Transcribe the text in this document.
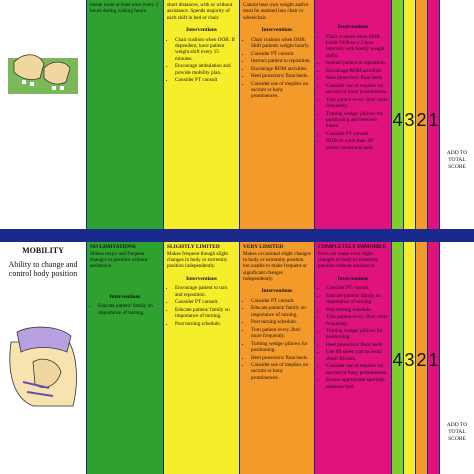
inside room at least once every 2 hours during waking hours.
short distances, with or without assistance. Spends majority of each shift in bed or chair.
Interventions
• Chair cushion when OOB. If dependent, have patient weight shift every 15 minutes.
• Encourage ambulation and provide mobility plan.
• Consider PT consult
Cannot bear own weight and/or must be assisted into chair or wheelchair.
Interventions
• Chair cushion when OOB. Shift patients weight hourly.
• Consider PT consult.
• Instruct patient to reposition.
• Encourage ROM activities.
• Heel protectors/ float heels.
• Consider use of mepilex on sacrum or bony prominences.
Interventions
• Chair cushion when OOB. Limit OOB to ≤ 2 hour intervals with hourly weight shifts.
• Instruct patient to reposition.
• Encourage ROM activities.
• Heel protectors/ float heels.
• Consider use of mepilex on sacrum or bony prominences.
• Turn patient every 2hrs/ more frequently.
• Turning wedge/ pillows for positioning and between knees.
• Consider PT consult.
• HOB no more than 30° unless contraindicated.
4 3 2 1
ADD TO TOTAL SCORE
MOBILITY
Ability to change and control body position
NO LIMITATIONS
Makes major and frequent changes in position without assistance.
Interventions
• Educate patient/ family on importance of turning.
SLIGHTLY LIMITED
Makes frequent though slight changes in body or extremity position independently.
Interventions
• Encourage patient to turn and reposition.
• Consider PT consult.
• Educate patient/ family on importance of turning.
• Post turning schedule.
VERY LIMITED
Makes occasional slight changes in body or extremity position but unable to make frequent or significant changes independently.
Interventions
• Consider PT consult.
• Educate patient/ family on importance of turning.
• Post turning schedule.
• Turn patient every 2hrs/ more frequently.
• Turning wedge/ pillows for positioning.
• Heel protectors/ float heels.
• Consider use of mepilex on sacrum or bony prominences.
COMPLETELY IMMOBILE
Does not make even slight changes in body or extremity position without assistance.
Interventions
• Consider PT consult.
• Educate patient/ family on importance of turning.
• Post turning schedule.
• Turn patient every 2hrs/ more frequently.
• Turning wedge/ pillows for positioning.
• Heel protectors/ float heels.
• Use lift sheet/ pad to avoid shear/ friction.
• Consider use of mepilex on sacrum or bony prominences.
• Ensure appropriate specialty mattress/ bed.
4 3 2 1
ADD TO TOTAL SCORE
